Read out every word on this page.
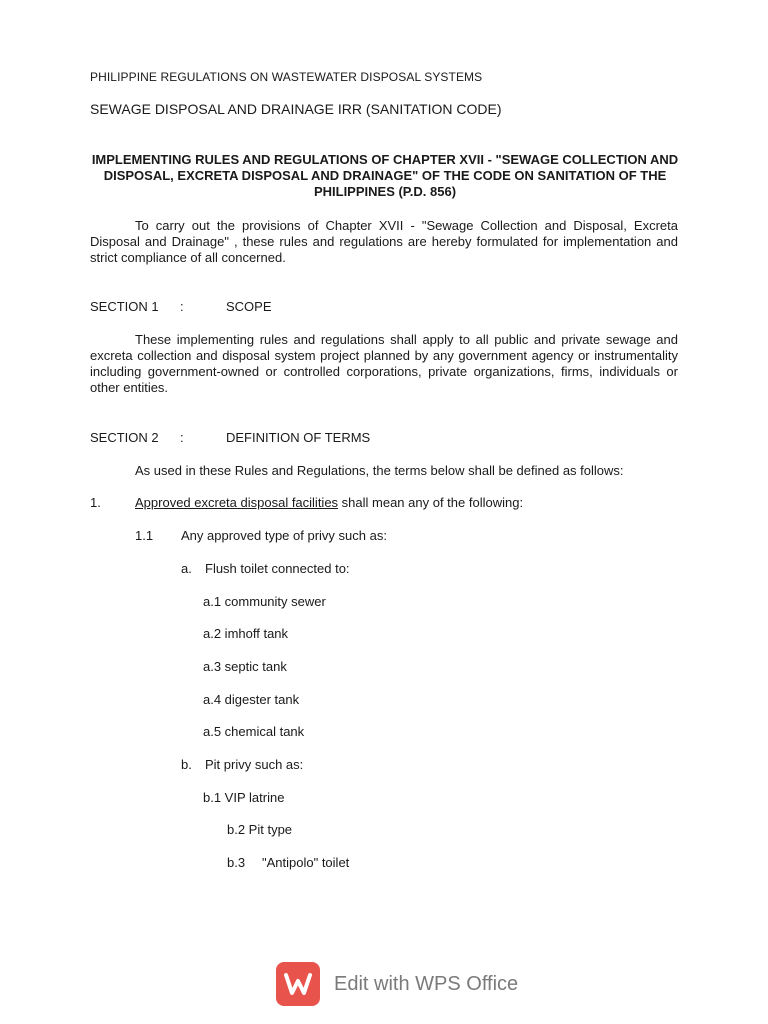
PHILIPPINE REGULATIONS ON WASTEWATER DISPOSAL SYSTEMS
SEWAGE DISPOSAL AND DRAINAGE IRR (SANITATION CODE)
IMPLEMENTING RULES AND REGULATIONS OF CHAPTER XVII - "SEWAGE COLLECTION AND DISPOSAL, EXCRETA DISPOSAL AND DRAINAGE" OF THE CODE ON SANITATION OF THE PHILIPPINES (P.D. 856)
To carry out the provisions of Chapter XVII - "Sewage Collection and Disposal, Excreta Disposal and Drainage" , these rules and regulations are hereby formulated for implementation and strict compliance of all concerned.
SECTION 1 :	SCOPE
These implementing rules and regulations shall apply to all public and private sewage and excreta collection and disposal system project planned by any government agency or instrumentality including government-owned or controlled corporations, private organizations, firms, individuals or other entities.
SECTION 2 :	DEFINITION OF TERMS
As used in these Rules and Regulations, the terms below shall be defined as follows:
1.	Approved excreta disposal facilities shall mean any of the following:
1.1 Any approved type of privy such as:
a. Flush toilet connected to:
a.1 community sewer
a.2 imhoff tank
a.3 septic tank
a.4 digester tank
a.5 chemical tank
b. Pit privy such as:
b.1 VIP latrine
b.2 Pit type
b.3 "Antipolo" toilet
Edit with WPS Office
